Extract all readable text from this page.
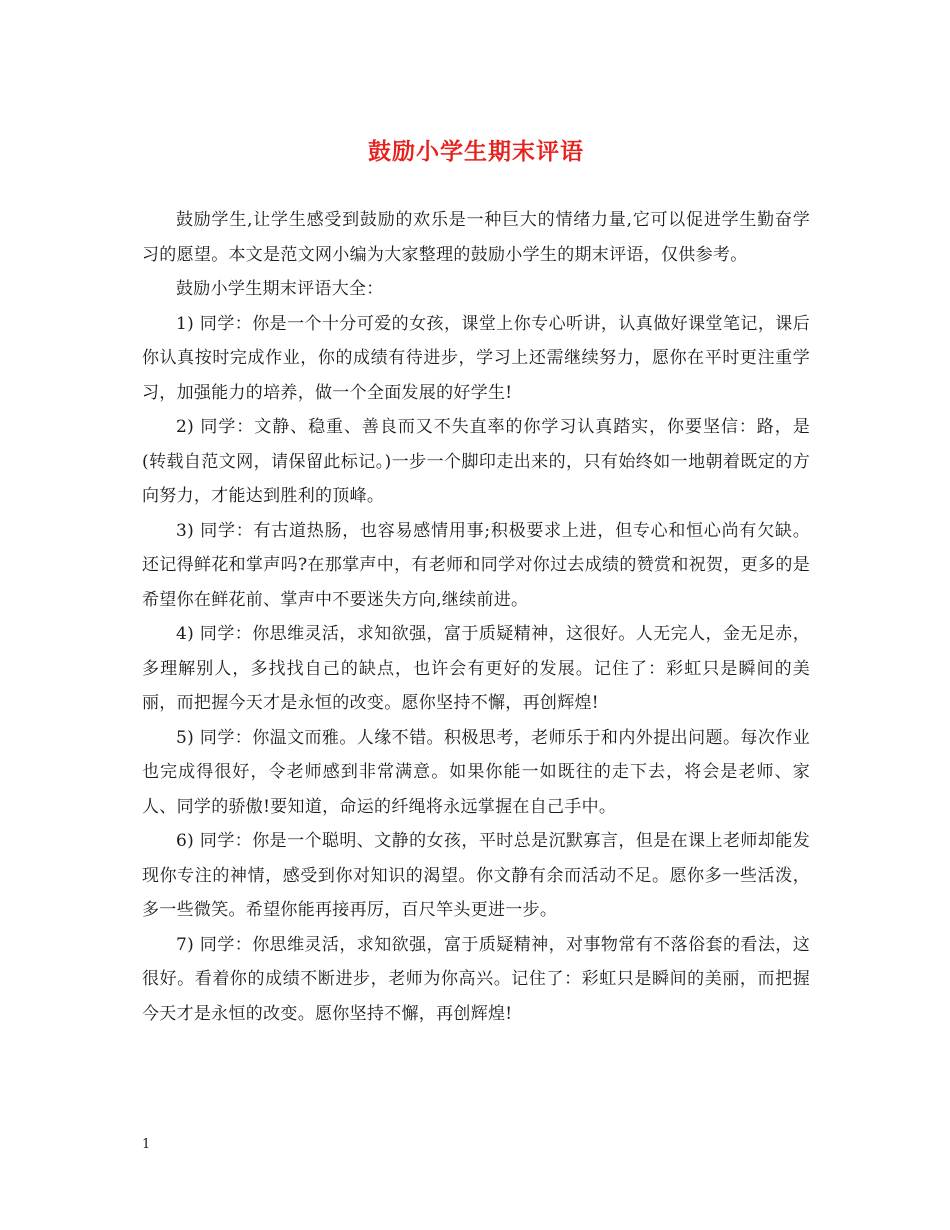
鼓励小学生期末评语

鼓励学生,让学生感受到鼓励的欢乐是一种巨大的情绪力量,它可以促进学生勤奋学习的愿望。本文是范文网小编为大家整理的鼓励小学生的期末评语，仅供参考。

鼓励小学生期末评语大全：

1) 同学：你是一个十分可爱的女孩，课堂上你专心听讲，认真做好课堂笔记，课后你认真按时完成作业，你的成绩有待进步，学习上还需继续努力，愿你在平时更注重学习，加强能力的培养，做一个全面发展的好学生!

2) 同学：文静、稳重、善良而又不失直率的你学习认真踏实，你要坚信：路，是(转载自范文网，请保留此标记。)一步一个脚印走出来的，只有始终如一地朝着既定的方向努力，才能达到胜利的顶峰。

3) 同学：有古道热肠，也容易感情用事;积极要求上进，但专心和恒心尚有欠缺。还记得鲜花和掌声吗?在那掌声中，有老师和同学对你过去成绩的赞赏和祝贺，更多的是希望你在鲜花前、掌声中不要迷失方向,继续前进。

4) 同学：你思维灵活，求知欲强，富于质疑精神，这很好。人无完人，金无足赤，多理解别人，多找找自己的缺点，也许会有更好的发展。记住了：彩虹只是瞬间的美丽，而把握今天才是永恒的改变。愿你坚持不懈，再创辉煌!

5) 同学：你温文而雅。人缘不错。积极思考，老师乐于和内外提出问题。每次作业也完成得很好，令老师感到非常满意。如果你能一如既往的走下去，将会是老师、家人、同学的骄傲!要知道，命运的纤绳将永远掌握在自己手中。

6) 同学：你是一个聪明、文静的女孩，平时总是沉默寡言，但是在课上老师却能发现你专注的神情，感受到你对知识的渴望。你文静有余而活动不足。愿你多一些活泼，多一些微笑。希望你能再接再厉，百尺竿头更进一步。

7) 同学：你思维灵活，求知欲强，富于质疑精神，对事物常有不落俗套的看法，这很好。看着你的成绩不断进步，老师为你高兴。记住了：彩虹只是瞬间的美丽，而把握今天才是永恒的改变。愿你坚持不懈，再创辉煌!

1
